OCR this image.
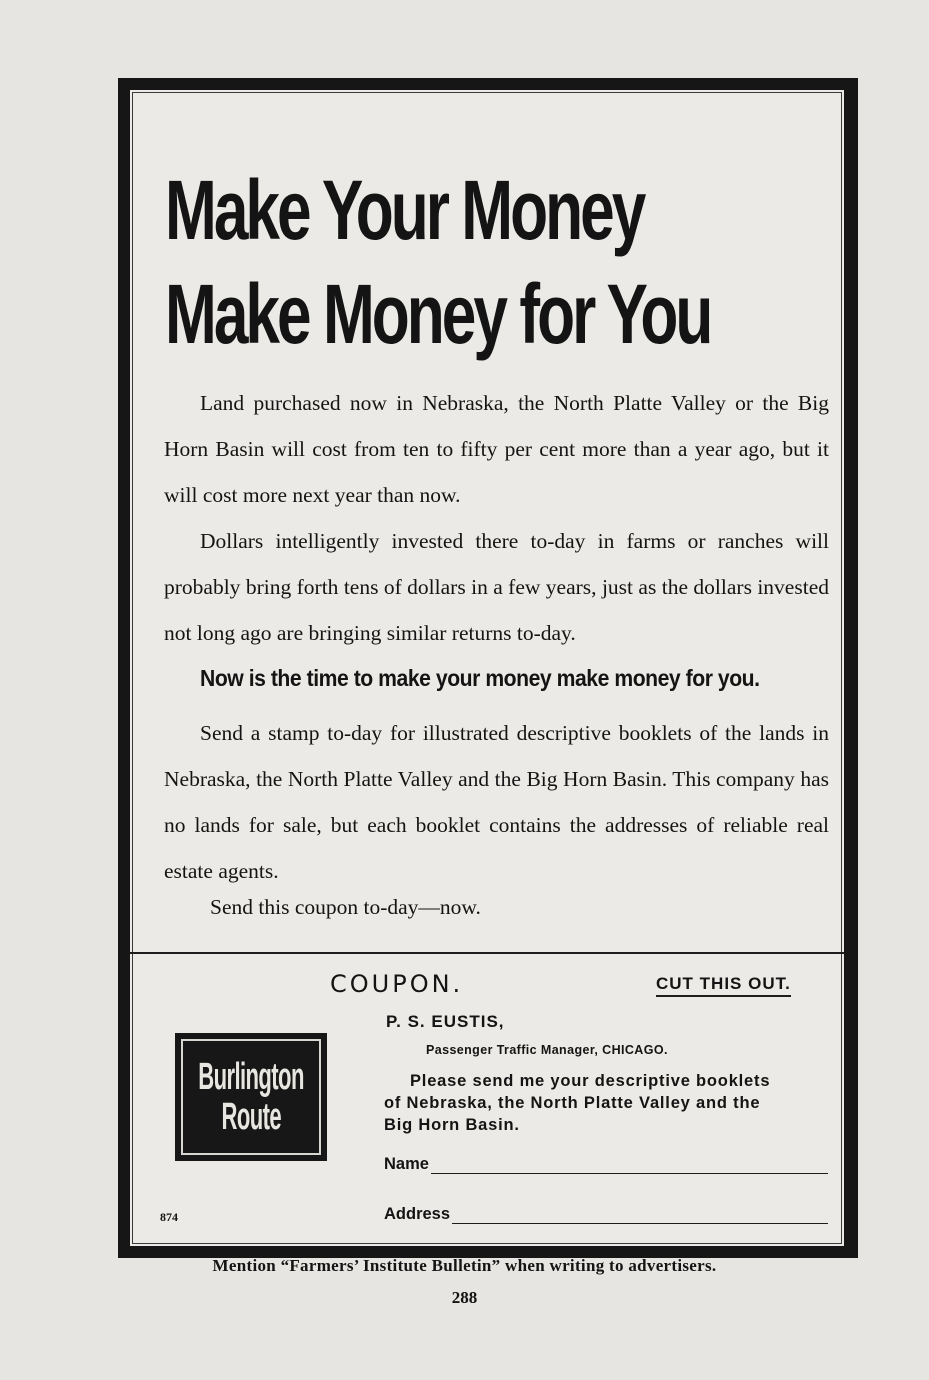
Make Your Money
Make Money for You
Land purchased now in Nebraska, the North Platte Valley or the Big Horn Basin will cost from ten to fifty per cent more than a year ago, but it will cost more next year than now.
Dollars intelligently invested there to-day in farms or ranches will probably bring forth tens of dollars in a few years, just as the dollars invested not long ago are bringing similar returns to-day.
Now is the time to make your money make money for you.
Send a stamp to-day for illustrated descriptive booklets of the lands in Nebraska, the North Platte Valley and the Big Horn Basin. This company has no lands for sale, but each booklet contains the addresses of reliable real estate agents.
Send this coupon to-day—now.
COUPON.	CUT THIS OUT.
P. S. EUSTIS,
Passenger Traffic Manager, CHICAGO.
Please send me your descriptive booklets
of Nebraska, the North Platte Valley and the
Big Horn Basin.
Name
Address
Burlington
Route
874
Mention “Farmers’ Institute Bulletin” when writing to advertisers.
288
